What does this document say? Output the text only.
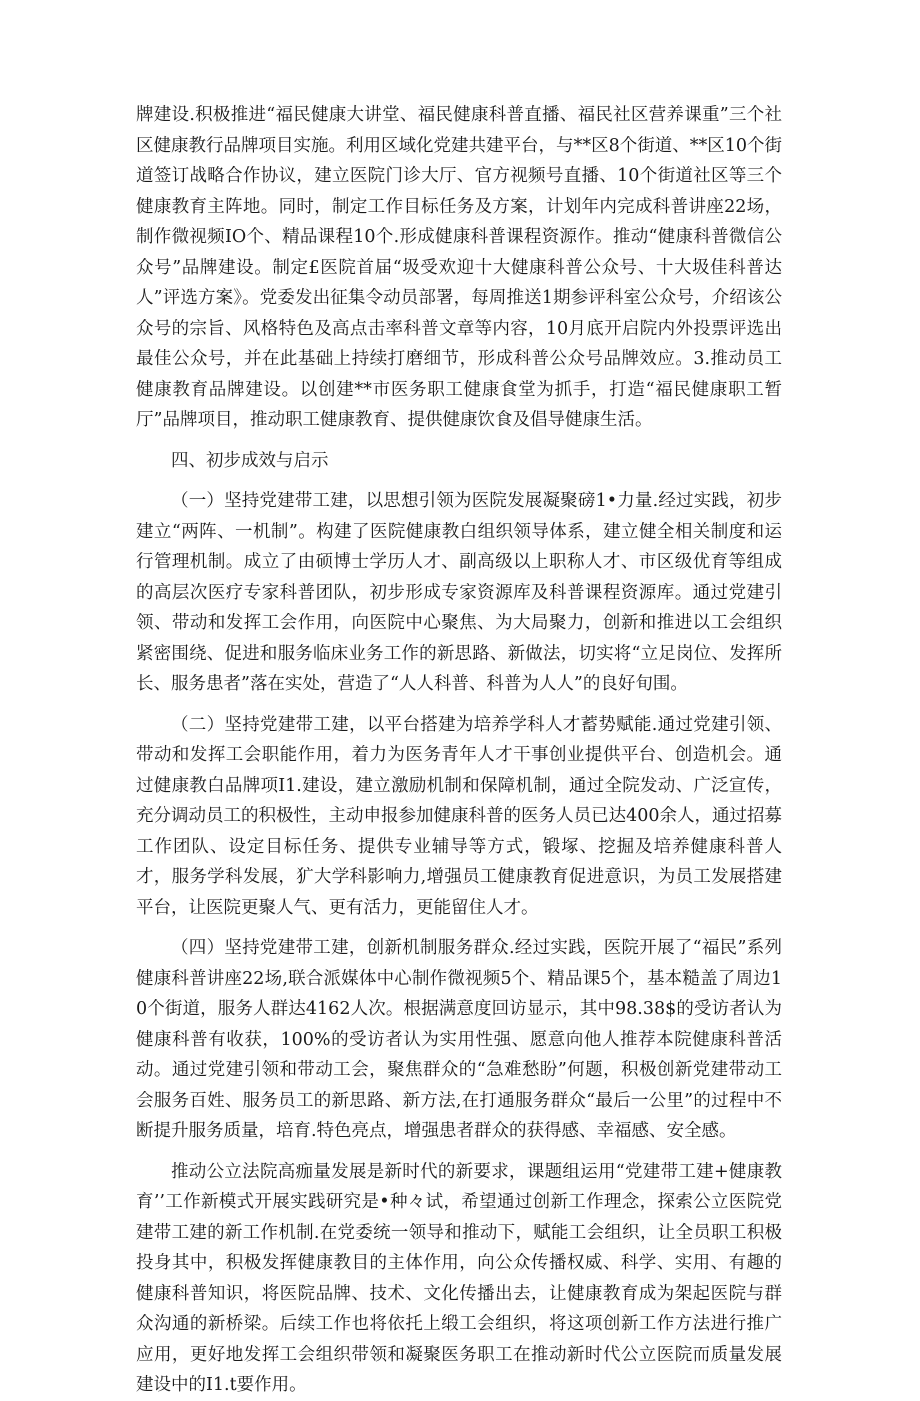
牌建设.积极推进“福民健康大讲堂、福民健康科普直播、福民社区营养课重”三个社区健康教行品牌项目实施。利用区域化党建共建平台，与**区8个街道、**区10个街道签订战略合作协议，建立医院门诊大厅、官方视频号直播、10个街道社区等三个健康教育主阵地。同时，制定工作目标任务及方案，计划年内完成科普讲座22场，制作微视频IO个、精品课程10个.形成健康科普课程资源作。推动“健康科普微信公众号”品牌建设。制定£医院首届“圾受欢迎十大健康科普公众号、十大圾佳科普达人”评选方案》。党委发出征集令动员部署，每周推送1期参评科室公众号，介绍该公众号的宗旨、风格特色及高点击率科普文章等内容，10月底开启院内外投票评选出最佳公众号，并在此基础上持续打磨细节，形成科普公众号品牌效应。3.推动员工健康教育品牌建设。以创建**市医务职工健康食堂为抓手，打造“福民健康职工暂厅”品牌项目，推动职工健康教育、提供健康饮食及倡导健康生活。

四、初步成效与启示

（一）坚持党建带工建，以思想引领为医院发展凝聚磅1•力量.经过实践，初步建立“两阵、一机制”。构建了医院健康教白组织领导体系，建立健全相关制度和运行管理机制。成立了由硕博士学历人才、副高级以上职称人才、市区级优育等组成的高层次医疗专家科普团队，初步形成专家资源库及科普课程资源库。通过党建引领、带动和发挥工会作用，向医院中心聚焦、为大局聚力，创新和推进以工会组织紧密围绕、促进和服务临床业务工作的新思路、新做法，切实将“立足岗位、发挥所长、服务患者”落在实处，营造了“人人科普、科普为人人”的良好旬围。

（二）坚持党建带工建，以平台搭建为培养学科人才蓄势赋能.通过党建引领、带动和发挥工会职能作用，着力为医务青年人才干事创业提供平台、创造机会。通过健康教白品牌项I1.建设，建立激励机制和保障机制，通过全院发动、广泛宣传，充分调动员工的积极性，主动申报参加健康科普的医务人员已达400余人，通过招募工作团队、设定目标任务、提供专业辅导等方式，锻塚、挖掘及培养健康科普人才，服务学科发展，犷大学科影响力,增强员工健康教育促进意识，为员工发展搭建平台，让医院更聚人气、更有活力，更能留住人才。

（四）坚持党建带工建，创新机制服务群众.经过实践，医院开展了“福民”系列健康科普讲座22场,联合派媒体中心制作微视频5个、精品课5个，基本糙盖了周边10个街道，服务人群达4162人次。根据满意度回访显示，其中98.38$的受访者认为健康科普有收获，100%的受访者认为实用性强、愿意向他人推荐本院健康科普活动。通过党建引领和带动工会，聚焦群众的“急难愁盼”何题，积极创新党建带动工会服务百姓、服务员工的新思路、新方法,在打通服务群众“最后一公里”的过程中不断提升服务质量，培育.特色亮点，增强患者群众的获得感、幸福感、安全感。

推动公立法院高痂量发展是新时代的新要求，课题组运用“党建带工建+健康教育’’工作新模式开展实践研究是•种々试，希望通过创新工作理念，探索公立医院党建带工建的新工作机制.在党委统一领导和推动下，赋能工会组织，让全员职工积极投身其中，积极发挥健康教目的主体作用，向公众传播权威、科学、实用、有趣的健康科普知识，将医院品牌、技术、文化传播出去，让健康教育成为架起医院与群众沟通的新桥梁。后续工作也将依托上缎工会组织，将这项创新工作方法进行推广应用，更好地发挥工会组织带领和凝聚医务职工在推动新时代公立医院而质量发展建设中的I1.t要作用。
